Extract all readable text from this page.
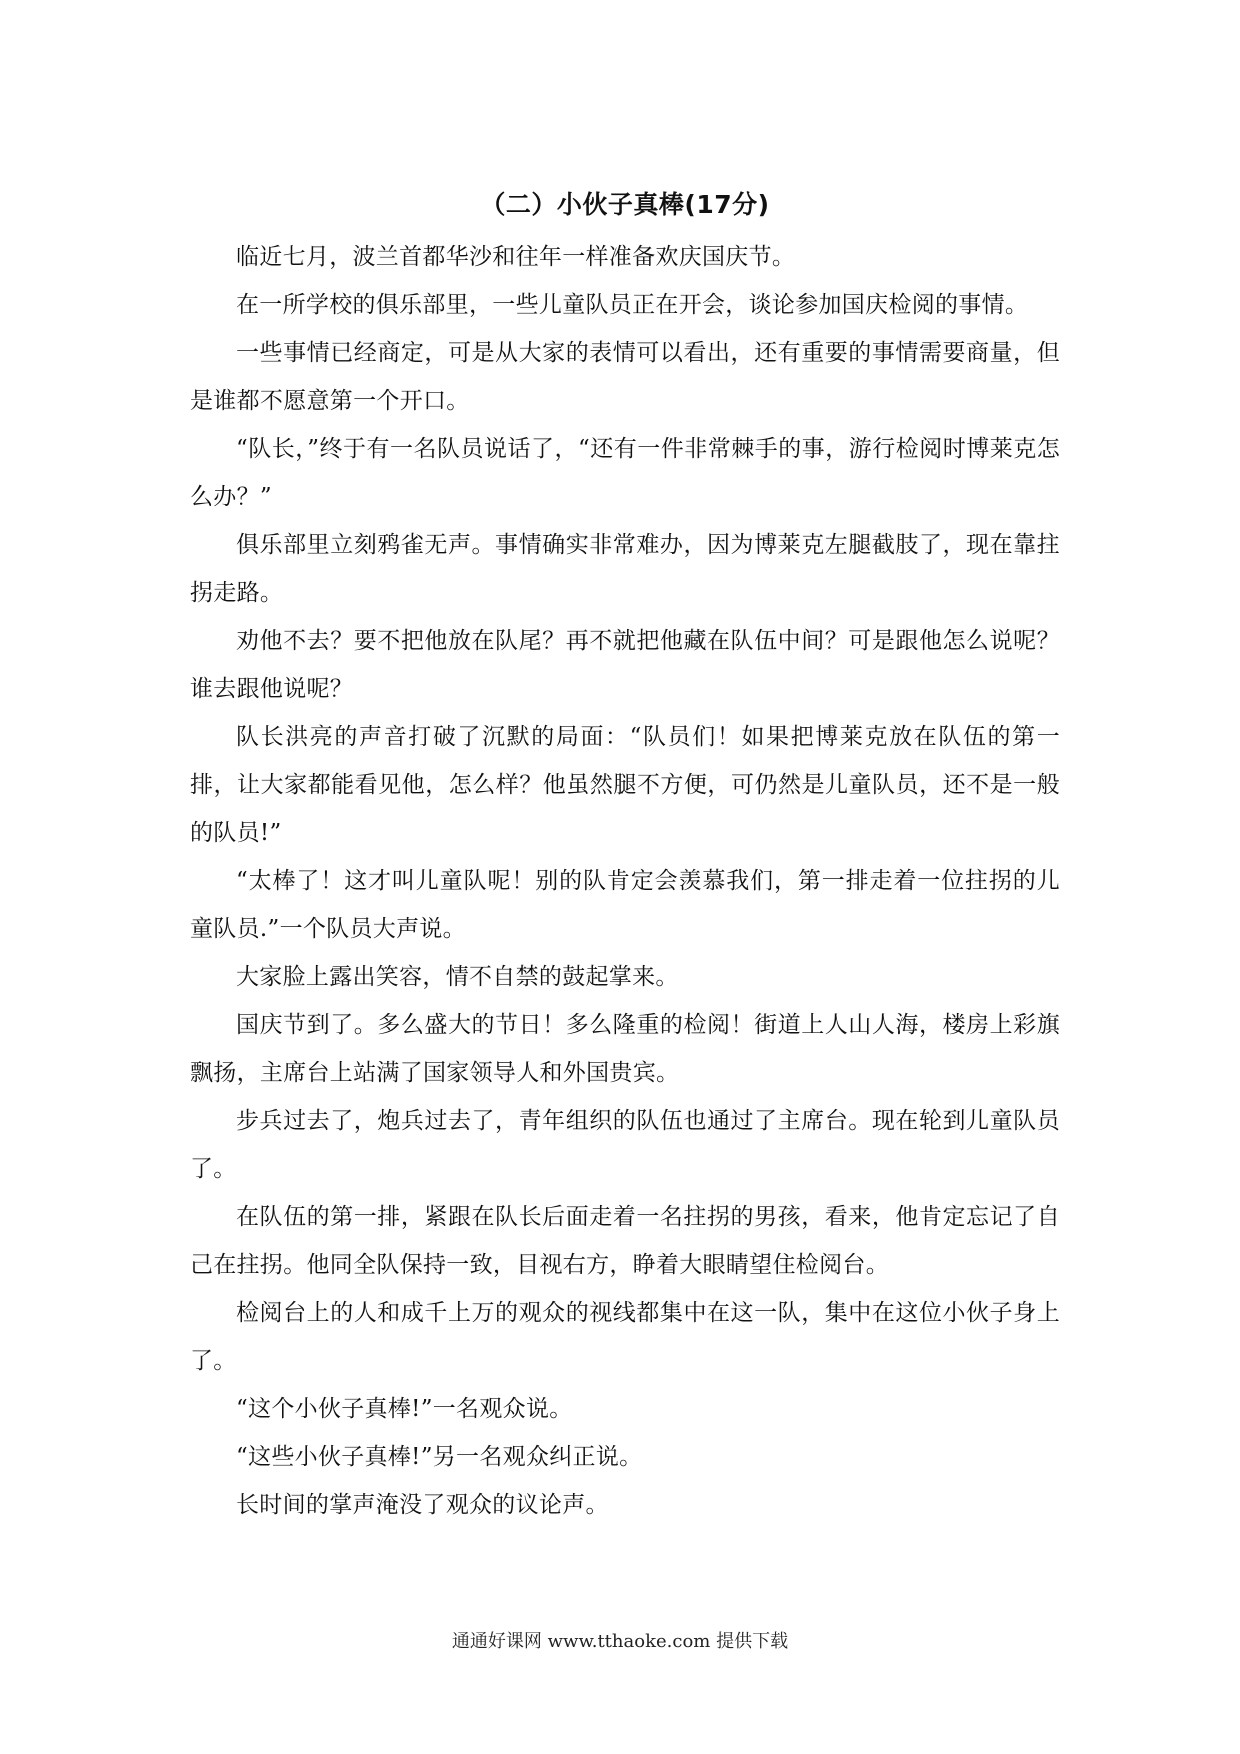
（二）小伙子真棒(17分)

临近七月，波兰首都华沙和往年一样准备欢庆国庆节。

在一所学校的俱乐部里，一些儿童队员正在开会，谈论参加国庆检阅的事情。

一些事情已经商定，可是从大家的表情可以看出，还有重要的事情需要商量，但是谁都不愿意第一个开口。

“队长，”终于有一名队员说话了，“还有一件非常棘手的事，游行检阅时博莱克怎么办？”

俱乐部里立刻鸦雀无声。事情确实非常难办，因为博莱克左腿截肢了，现在靠拄拐走路。

劝他不去？要不把他放在队尾？再不就把他藏在队伍中间？可是跟他怎么说呢？谁去跟他说呢？

队长洪亮的声音打破了沉默的局面：“队员们！如果把博莱克放在队伍的第一排，让大家都能看见他，怎么样？他虽然腿不方便，可仍然是儿童队员，还不是一般的队员!”

“太棒了！这才叫儿童队呢！别的队肯定会羡慕我们，第一排走着一位拄拐的儿童队员.”一个队员大声说。

大家脸上露出笑容，情不自禁的鼓起掌来。

国庆节到了。多么盛大的节日！多么隆重的检阅！街道上人山人海，楼房上彩旗飘扬，主席台上站满了国家领导人和外国贵宾。

步兵过去了，炮兵过去了，青年组织的队伍也通过了主席台。现在轮到儿童队员了。

在队伍的第一排，紧跟在队长后面走着一名拄拐的男孩，看来，他肯定忘记了自己在拄拐。他同全队保持一致，目视右方，睁着大眼睛望住检阅台。

检阅台上的人和成千上万的观众的视线都集中在这一队，集中在这位小伙子身上了。

“这个小伙子真棒!”一名观众说。

“这些小伙子真棒!”另一名观众纠正说。

长时间的掌声淹没了观众的议论声。

通通好课网 www.tthaoke.com 提供下载
